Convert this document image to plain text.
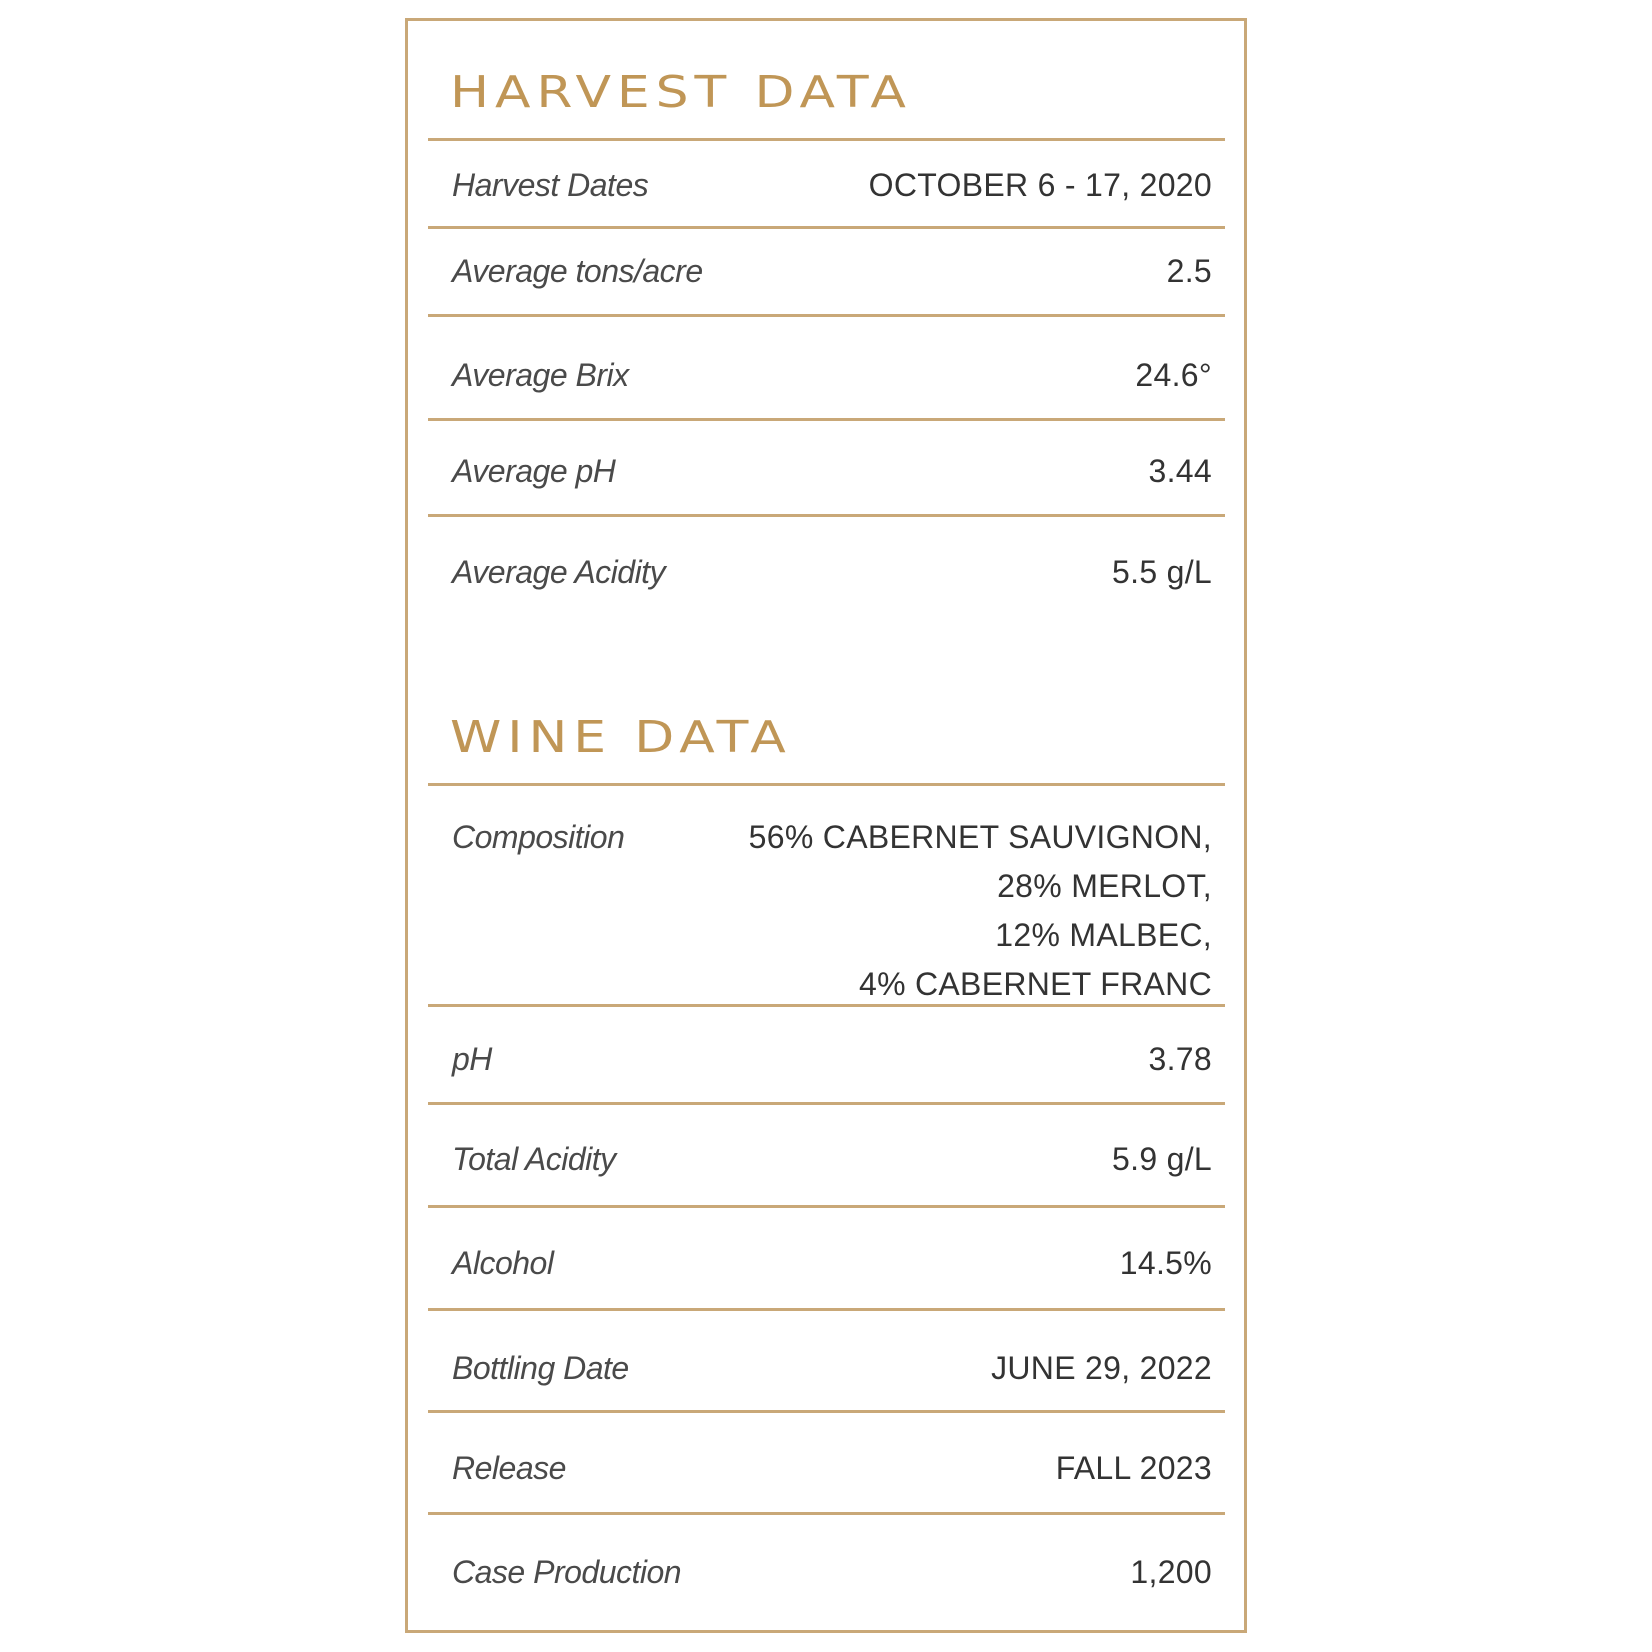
HARVEST DATA
Harvest Dates	OCTOBER 6 - 17, 2020
Average tons/acre	2.5
Average Brix	24.6°
Average pH	3.44
Average Acidity	5.5 g/L
WINE DATA
Composition	56% CABERNET SAUVIGNON,
28% MERLOT,
12% MALBEC,
4% CABERNET FRANC
pH	3.78
Total Acidity	5.9 g/L
Alcohol	14.5%
Bottling Date	JUNE 29, 2022
Release	FALL 2023
Case Production	1,200
